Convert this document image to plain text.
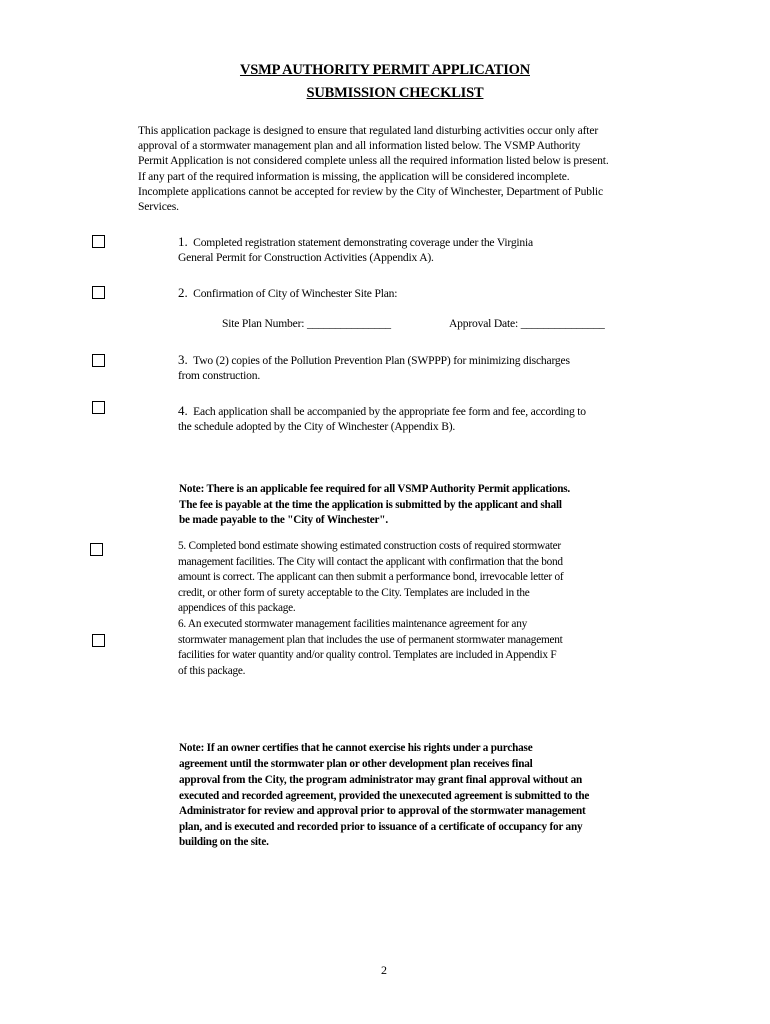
VSMP AUTHORITY PERMIT APPLICATION
SUBMISSION CHECKLIST
This application package is designed to ensure that regulated land disturbing activities occur only after
approval of a stormwater management plan and all information listed below. The VSMP Authority
Permit Application is not considered complete unless all the required information listed below is present.
If any part of the required information is missing, the application will be considered incomplete.
Incomplete applications cannot be accepted for review by the City of Winchester, Department of Public
Services.
1. Completed registration statement demonstrating coverage under the Virginia
General Permit for Construction Activities (Appendix A).
2. Confirmation of City of Winchester Site Plan:
Site Plan Number: _______________	Approval Date: _______________
3. Two (2) copies of the Pollution Prevention Plan (SWPPP) for minimizing discharges
from construction.
4. Each application shall be accompanied by the appropriate fee form and fee, according to
the schedule adopted by the City of Winchester (Appendix B).
Note: There is an applicable fee required for all VSMP Authority Permit applications.
The fee is payable at the time the application is submitted by the applicant and shall
be made payable to the "City of Winchester".
5. Completed bond estimate showing estimated construction costs of required stormwater
management facilities. The City will contact the applicant with confirmation that the bond
amount is correct. The applicant can then submit a performance bond, irrevocable letter of
credit, or other form of surety acceptable to the City. Templates are included in the
appendices of this package.
6. An executed stormwater management facilities maintenance agreement for any
stormwater management plan that includes the use of permanent stormwater management
facilities for water quantity and/or quality control. Templates are included in Appendix F
of this package.
Note: If an owner certifies that he cannot exercise his rights under a purchase
agreement until the stormwater plan or other development plan receives final
approval from the City, the program administrator may grant final approval without an
executed and recorded agreement, provided the unexecuted agreement is submitted to the
Administrator for review and approval prior to approval of the stormwater management
plan, and is executed and recorded prior to issuance of a certificate of occupancy for any
building on the site.
2
